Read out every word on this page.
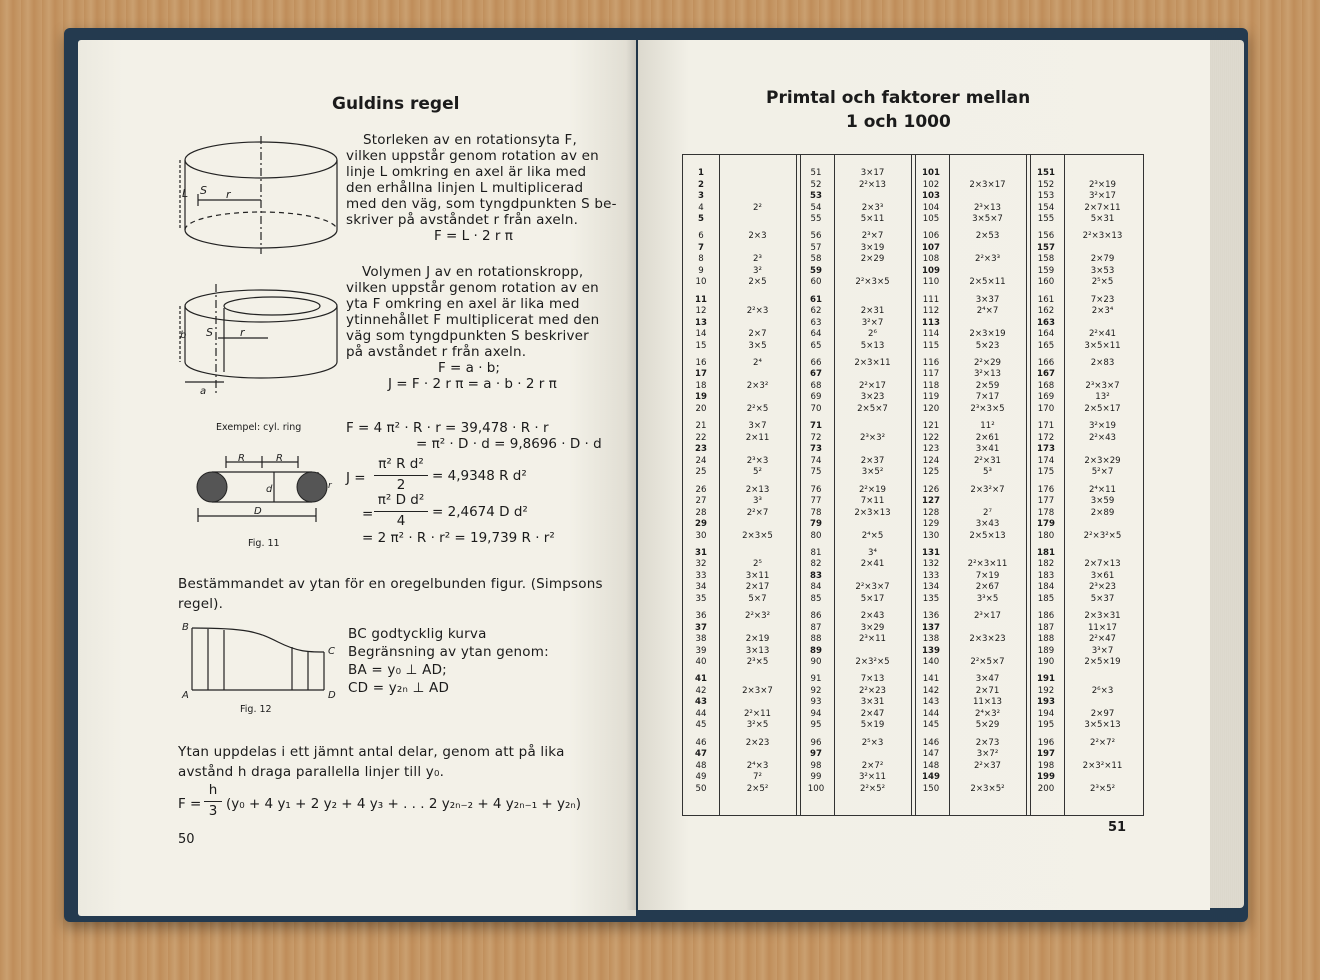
Guldins regel
L S r
Storleken av en rotationsyta F,
vilken uppstår genom rotation av en
linje L omkring en axel är lika med
den erhållna linjen L multiplicerad
med den väg, som tyngdpunkten S be-
skriver på avståndet r från axeln.
F = L · 2 r π
b S r
a
Volymen J av en rotationskropp,
vilken uppstår genom rotation av en
yta F omkring en axel är lika med
ytinnehållet F multiplicerat med den
väg som tyngdpunkten S beskriver
på avståndet r från axeln.
F = a · b;
J = F · 2 r π = a · b · 2 r π
Exempel: cyl. ring	F = 4 π² · R · r = 39,478 · R · r
= π² · D · d = 9,8696 · D · d
R	R
d
D
r J =
π² R d²
2
= 4,9348 R d²
=
π² D d²
4
= 2,4674 D d²
= 2 π² · R · r² = 19,739 R · r²
Fig. 11
Bestämmandet av ytan för en oregelbunden figur. (Simpsons
regel).
B
C
A	D
BC godtycklig kurva
Begränsning av ytan genom:
BA = y₀ ⊥ AD;
CD = y₂ₙ ⊥ AD
Fig. 12
Ytan uppdelas i ett jämnt antal delar, genom att på lika
avstånd h draga parallella linjer till y₀.
F =
h
3 (y₀ + 4 y₁ + 2 y₂ + 4 y₃ + . . . 2 y₂ₙ₋₂ + 4 y₂ₙ₋₁ + y₂ₙ)
50
Primtal och faktorer mellan
1 och 1000
1
2
3
4	2²
5
6	2×3
7
8	2³
9	3²
10	2×5
11
12	2²×3
13
14	2×7
15	3×5
16	2⁴
17
18	2×3²
19
20	2²×5
21	3×7
22	2×11
23
24	2³×3
25	5²
26	2×13
27	3³
28	2²×7
29
30	2×3×5
31
32	2⁵
33	3×11
34	2×17
35	5×7
36	2²×3²
37
38	2×19
39	3×13
40	2³×5
41
42	2×3×7
43
44	2²×11
45	3²×5
46	2×23
47
48	2⁴×3
49	7²
50	2×5²
51	3×17
52	2²×13
53
54	2×3³
55	5×11
56	2³×7
57	3×19
58	2×29
59
60	2²×3×5
61
62	2×31
63	3²×7
64	2⁶
65	5×13
66	2×3×11
67
68	2²×17
69	3×23
70	2×5×7
71
72	2³×3²
73
74	2×37
75	3×5²
76	2²×19
77	7×11
78	2×3×13
79
80	2⁴×5
81	3⁴
82	2×41
83
84	2²×3×7
85	5×17
86	2×43
87	3×29
88	2³×11
89
90	2×3²×5
91	7×13
92	2²×23
93	3×31
94	2×47
95	5×19
96	2⁵×3
97
98	2×7²
99	3²×11
100	2²×5²
101
102	2×3×17
103
104	2³×13
105	3×5×7
106	2×53
107
108	2²×3³
109
110	2×5×11
111	3×37
112	2⁴×7
113
114	2×3×19
115	5×23
116	2²×29
117	3²×13
118	2×59
119	7×17
120	2³×3×5
121	11²
122	2×61
123	3×41
124	2²×31
125	5³
126	2×3²×7
127
128	2⁷
129	3×43
130	2×5×13
131
132	2²×3×11
133	7×19
134	2×67
135	3³×5
136	2³×17
137
138	2×3×23
139
140	2²×5×7
141	3×47
142	2×71
143	11×13
144	2⁴×3²
145	5×29
146	2×73
147	3×7²
148	2²×37
149
150	2×3×5²
151
152	2³×19
153	3²×17
154	2×7×11
155	5×31
156	2²×3×13
157
158	2×79
159	3×53
160	2⁵×5
161	7×23
162	2×3⁴
163
164	2²×41
165	3×5×11
166	2×83
167
168	2³×3×7
169	13²
170	2×5×17
171	3²×19
172	2²×43
173
174	2×3×29
175	5²×7
176	2⁴×11
177	3×59
178	2×89
179
180	2²×3²×5
181
182	2×7×13
183	3×61
184	2³×23
185	5×37
186	2×3×31
187	11×17
188	2²×47
189	3³×7
190	2×5×19
191
192	2⁶×3
193
194	2×97
195	3×5×13
196	2²×7²
197
198	2×3²×11
199
200	2³×5²
51
